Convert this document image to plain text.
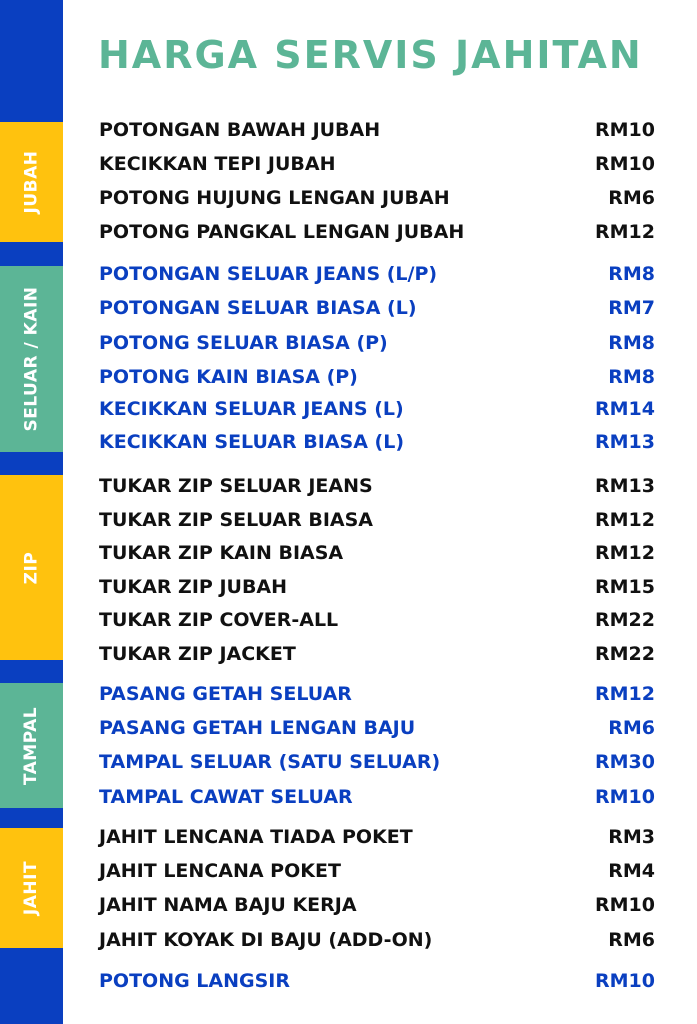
JUBAH
SELUAR / KAIN
ZIP
TAMPAL
JAHIT
HARGA SERVIS JAHITAN
POTONGAN BAWAH JUBAH	RM10
KECIKKAN TEPI JUBAH	RM10
POTONG HUJUNG LENGAN JUBAH	RM6
POTONG PANGKAL LENGAN JUBAH	RM12
POTONGAN SELUAR JEANS (L/P)	RM8
POTONGAN SELUAR BIASA (L)	RM7
POTONG SELUAR BIASA (P)	RM8
POTONG KAIN BIASA (P)	RM8
KECIKKAN SELUAR JEANS (L)	RM14
KECIKKAN SELUAR BIASA (L)	RM13
TUKAR ZIP SELUAR JEANS	RM13
TUKAR ZIP SELUAR BIASA	RM12
TUKAR ZIP KAIN BIASA	RM12
TUKAR ZIP JUBAH	RM15
TUKAR ZIP COVER-ALL	RM22
TUKAR ZIP JACKET	RM22
PASANG GETAH SELUAR	RM12
PASANG GETAH LENGAN BAJU	RM6
TAMPAL SELUAR (SATU SELUAR)	RM30
TAMPAL CAWAT SELUAR	RM10
JAHIT LENCANA TIADA POKET	RM3
JAHIT LENCANA POKET	RM4
JAHIT NAMA BAJU KERJA	RM10
JAHIT KOYAK DI BAJU (ADD-ON)	RM6
POTONG LANGSIR	RM10
